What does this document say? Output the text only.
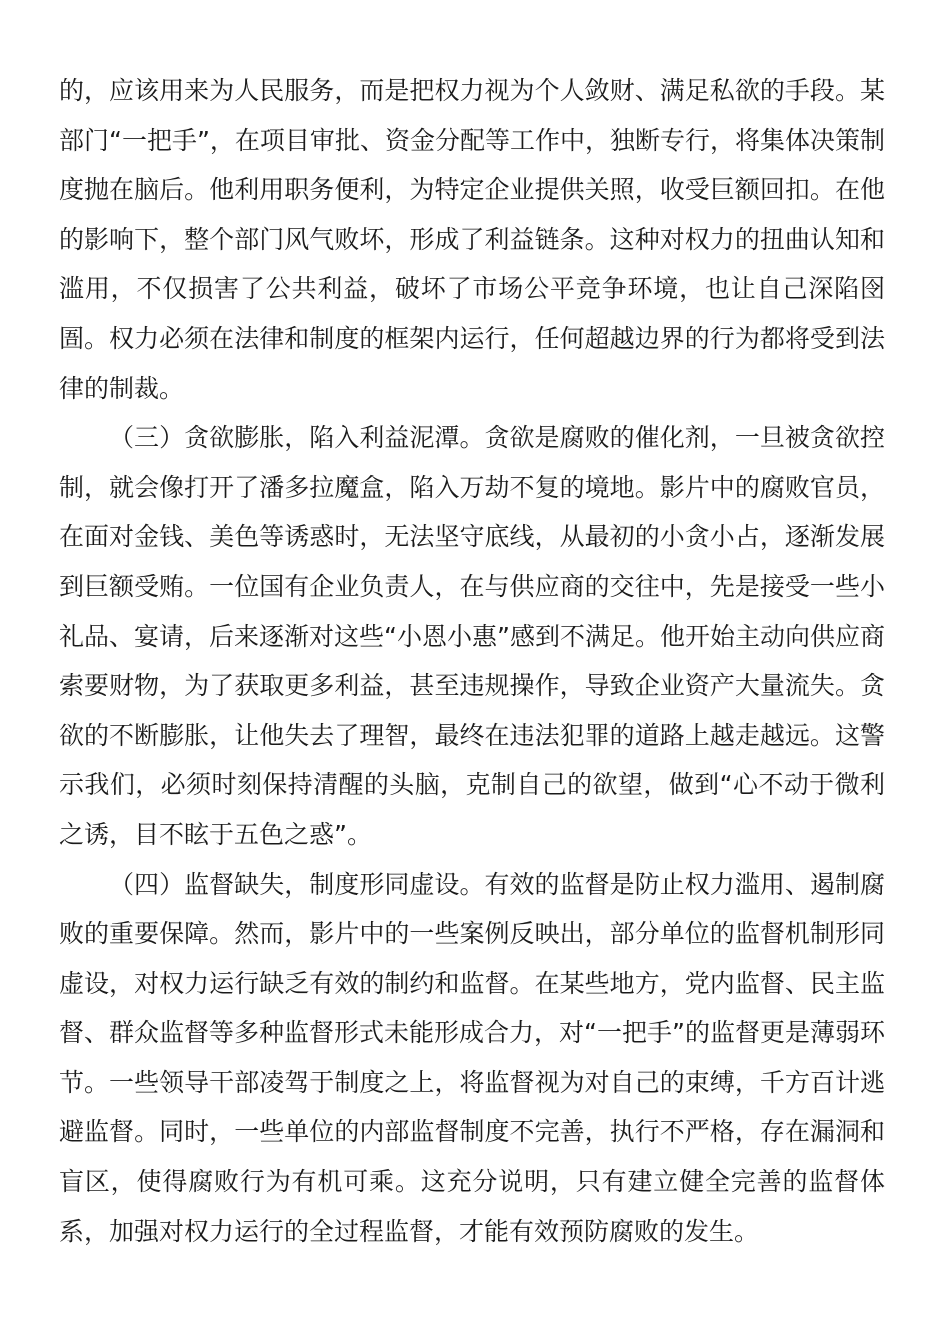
的，应该用来为人民服务，而是把权力视为个人敛财、满足私欲的手段。某部门“一把手”，在项目审批、资金分配等工作中，独断专行，将集体决策制度抛在脑后。他利用职务便利，为特定企业提供关照，收受巨额回扣。在他的影响下，整个部门风气败坏，形成了利益链条。这种对权力的扭曲认知和滥用，不仅损害了公共利益，破坏了市场公平竞争环境，也让自己深陷囹圄。权力必须在法律和制度的框架内运行，任何超越边界的行为都将受到法律的制裁。

（三）贪欲膨胀，陷入利益泥潭。贪欲是腐败的催化剂，一旦被贪欲控制，就会像打开了潘多拉魔盒，陷入万劫不复的境地。影片中的腐败官员，在面对金钱、美色等诱惑时，无法坚守底线，从最初的小贪小占，逐渐发展到巨额受贿。一位国有企业负责人，在与供应商的交往中，先是接受一些小礼品、宴请，后来逐渐对这些“小恩小惠”感到不满足。他开始主动向供应商索要财物，为了获取更多利益，甚至违规操作，导致企业资产大量流失。贪欲的不断膨胀，让他失去了理智，最终在违法犯罪的道路上越走越远。这警示我们，必须时刻保持清醒的头脑，克制自己的欲望，做到“心不动于微利之诱，目不眩于五色之惑”。

（四）监督缺失，制度形同虚设。有效的监督是防止权力滥用、遏制腐败的重要保障。然而，影片中的一些案例反映出，部分单位的监督机制形同虚设，对权力运行缺乏有效的制约和监督。在某些地方，党内监督、民主监督、群众监督等多种监督形式未能形成合力，对“一把手”的监督更是薄弱环节。一些领导干部凌驾于制度之上，将监督视为对自己的束缚，千方百计逃避监督。同时，一些单位的内部监督制度不完善，执行不严格，存在漏洞和盲区，使得腐败行为有机可乘。这充分说明，只有建立健全完善的监督体系，加强对权力运行的全过程监督，才能有效预防腐败的发生。
